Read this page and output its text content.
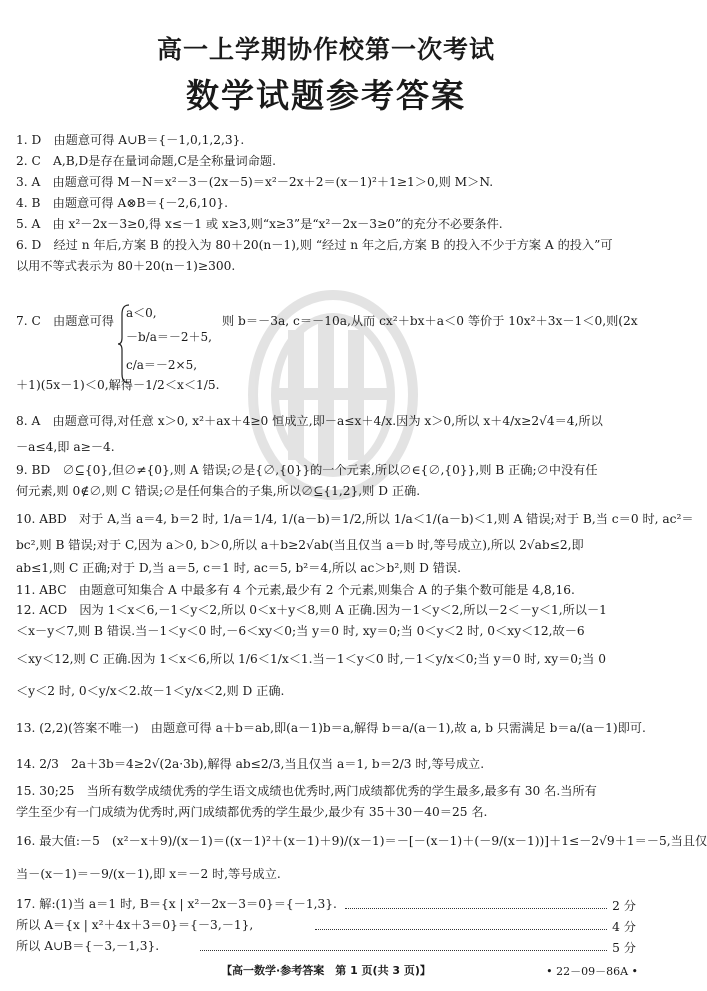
高一上学期协作校第一次考试
数学试题参考答案
1. D　由题意可得 A∪B＝{－1,0,1,2,3}.
2. C　A,B,D是存在量词命题,C是全称量词命题.
3. A　由题意可得 M－N＝x²－3－(2x－5)＝x²－2x＋2＝(x－1)²＋1≥1＞0,则 M＞N.
4. B　由题意可得 A⊗B＝{－2,6,10}.
5. A　由 x²－2x－3≥0,得 x≤－1 或 x≥3,则“x≥3”是“x²－2x－3≥0”的充分不必要条件.
6. D　经过 n 年后,方案 B 的投入为 80＋20(n－1),则 “经过 n 年之后,方案 B 的投入不少于方案 A 的投入”可
以用不等式表示为 80＋20(n－1)≥300.
7. C　由题意可得
a＜0,
－b/a＝－2＋5,
c/a＝－2×5,
则 b＝－3a, c＝－10a,从而 cx²＋bx＋a＜0 等价于 10x²＋3x－1＜0,则(2x
＋1)(5x－1)＜0,解得－1/2＜x＜1/5.
8. A　由题意可得,对任意 x＞0, x²＋ax＋4≥0 恒成立,即－a≤x＋4/x.因为 x＞0,所以 x＋4/x≥2√4＝4,所以
－a≤4,即 a≥－4.
9. BD　∅⊆{0},但∅≠{0},则 A 错误;∅是{∅,{0}}的一个元素,所以∅∈{∅,{0}},则 B 正确;∅中没有任
何元素,则 0∉∅,则 C 错误;∅是任何集合的子集,所以∅⊆{1,2},则 D 正确.
10. ABD　对于 A,当 a＝4, b＝2 时, 1/a＝1/4, 1/(a－b)＝1/2,所以 1/a＜1/(a－b)＜1,则 A 错误;对于 B,当 c＝0 时, ac²＝
bc²,则 B 错误;对于 C,因为 a＞0, b＞0,所以 a＋b≥2√ab(当且仅当 a＝b 时,等号成立),所以 2√ab≤2,即
ab≤1,则 C 正确;对于 D,当 a＝5, c＝1 时, ac＝5, b²＝4,所以 ac＞b²,则 D 错误.
11. ABC　由题意可知集合 A 中最多有 4 个元素,最少有 2 个元素,则集合 A 的子集个数可能是 4,8,16.
12. ACD　因为 1＜x＜6,－1＜y＜2,所以 0＜x＋y＜8,则 A 正确.因为－1＜y＜2,所以－2＜－y＜1,所以－1
＜x－y＜7,则 B 错误.当－1＜y＜0 时,－6＜xy＜0;当 y＝0 时, xy＝0;当 0＜y＜2 时, 0＜xy＜12,故－6
＜xy＜12,则 C 正确.因为 1＜x＜6,所以 1/6＜1/x＜1.当－1＜y＜0 时,－1＜y/x＜0;当 y＝0 时, xy＝0;当 0
＜y＜2 时, 0＜y/x＜2.故－1＜y/x＜2,则 D 正确.
13. (2,2)(答案不唯一)　由题意可得 a＋b＝ab,即(a－1)b＝a,解得 b＝a/(a－1),故 a, b 只需满足 b＝a/(a－1)即可.
14. 2/3　2a＋3b＝4≥2√(2a·3b),解得 ab≤2/3,当且仅当 a＝1, b＝2/3 时,等号成立.
15. 30;25　当所有数学成绩优秀的学生语文成绩也优秀时,两门成绩都优秀的学生最多,最多有 30 名.当所有
学生至少有一门成绩为优秀时,两门成绩都优秀的学生最少,最少有 35＋30－40＝25 名.
16. 最大值:－5　(x²－x＋9)/(x－1)＝((x－1)²＋(x－1)＋9)/(x－1)＝－[－(x－1)＋(－9/(x－1))]＋1≤－2√9＋1＝－5,当且仅
当－(x－1)＝－9/(x－1),即 x＝－2 时,等号成立.
17. 解:(1)当 a＝1 时, B＝{x | x²－2x－3＝0}＝{－1,3}.	2 分
所以 A＝{x | x²＋4x＋3＝0}＝{－3,－1},	4 分
所以 A∪B＝{－3,－1,3}.	5 分
【高一数学·参考答案　第 1 页(共 3 页)】	• 22－09－86A •
